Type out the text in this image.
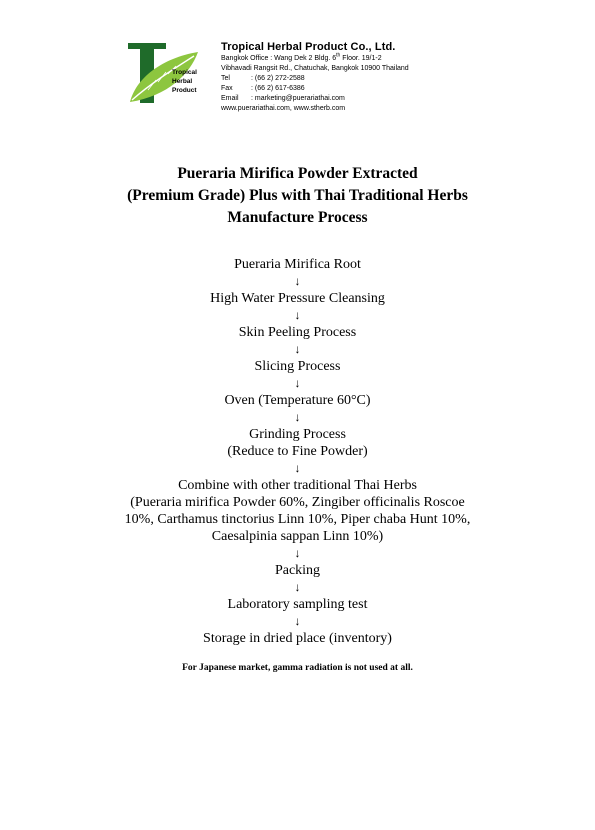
Tropical
Herbal
Product
Tropical Herbal Product Co., Ltd.
Bangkok Office : Wang Dek 2 Bldg. 6th Floor. 19/1-2
Vibhavadi Rangsit Rd., Chatuchak, Bangkok 10900 Thailand
Tel	: (66 2) 272-2588
Fax	: (66 2) 617-6386
Email : marketing@puerariathai.com
www.puerariathai.com, www.stherb.com
Pueraria Mirifica Powder Extracted
(Premium Grade) Plus with Thai Traditional Herbs
Manufacture Process
Pueraria Mirifica Root
↓
High Water Pressure Cleansing
↓
Skin Peeling Process
↓
Slicing Process
↓
Oven (Temperature 60°C)
↓
Grinding Process
(Reduce to Fine Powder)
↓
Combine with other traditional Thai Herbs
(Pueraria mirifica Powder 60%, Zingiber officinalis Roscoe
10%, Carthamus tinctorius Linn 10%, Piper chaba Hunt 10%,
Caesalpinia sappan Linn 10%)
↓
Packing
↓
Laboratory sampling test
↓
Storage in dried place (inventory)
For Japanese market, gamma radiation is not used at all.
